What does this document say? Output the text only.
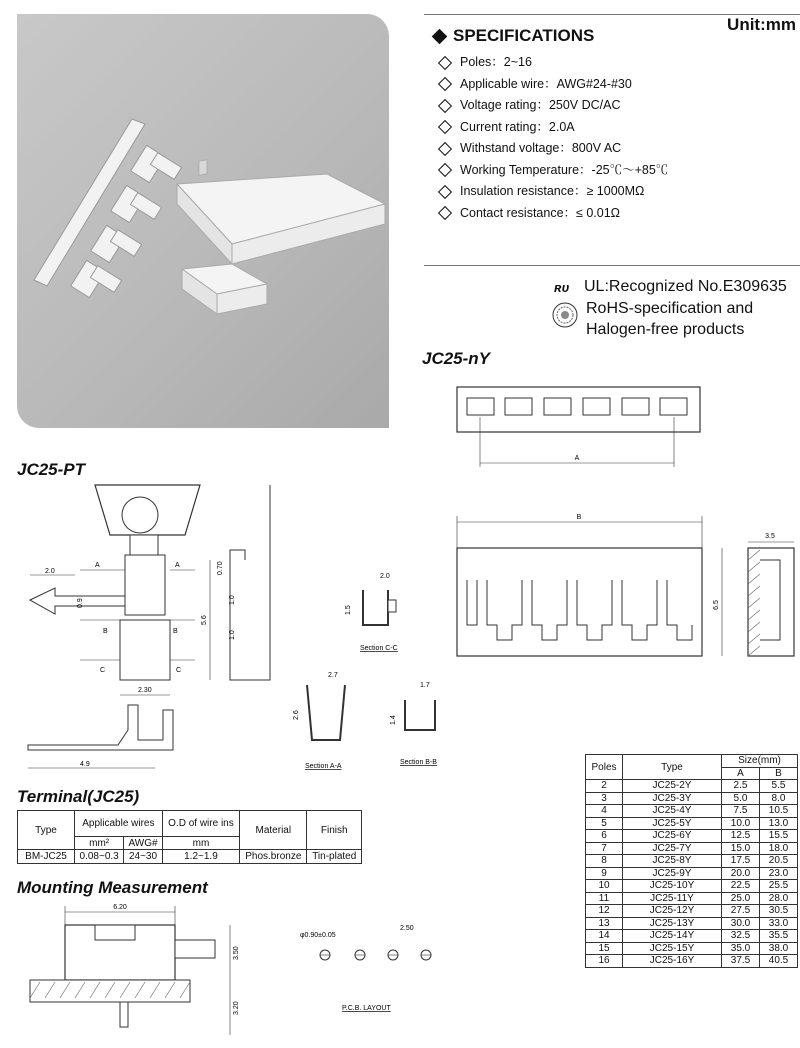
Unit:mm
SPECIFICATIONS
Poles：2~16
Applicable wire：AWG#24-#30
Voltage rating：250V DC/AC
Current rating：2.0A
Withstand voltage：800V AC
Working Temperature：-25℃～+85℃
Insulation resistance：≥ 1000MΩ
Contact resistance：≤ 0.01Ω
ʀᴜ UL:Recognized No.E309635
RoHS-specification and
Halogen-free products
JC25-nY
A
B
6.5
3.5
JC25-PT
2.0
0.9
A	A
B	B
C	C
2.30
4.9
5.6
0.70
1.0
1.0
2.0
1.5
Section C-C
2.7
2.6
Section A-A
1.7
1.4
Section B-B
Terminal(JC25)
Type	Applicable wires		O.D of wire ins	Material	Finish
	mm²	AWG#	mm		
BM-JC25	0.08~0.3	24~30	1.2~1.9	Phos.bronze	Tin-plated
Mounting Measurement
6.20
3.50
3.20
φ0.90±0.05
2.50
P.C.B. LAYOUT
Poles	Type	Size(mm)	
		A	B
2	JC25-2Y	2.5	5.5
3	JC25-3Y	5.0	8.0
4	JC25-4Y	7.5	10.5
5	JC25-5Y	10.0	13.0
6	JC25-6Y	12.5	15.5
7	JC25-7Y	15.0	18.0
8	JC25-8Y	17.5	20.5
9	JC25-9Y	20.0	23.0
10	JC25-10Y	22.5	25.5
11	JC25-11Y	25.0	28.0
12	JC25-12Y	27.5	30.5
13	JC25-13Y	30.0	33.0
14	JC25-14Y	32.5	35.5
15	JC25-15Y	35.0	38.0
16	JC25-16Y	37.5	40.5
